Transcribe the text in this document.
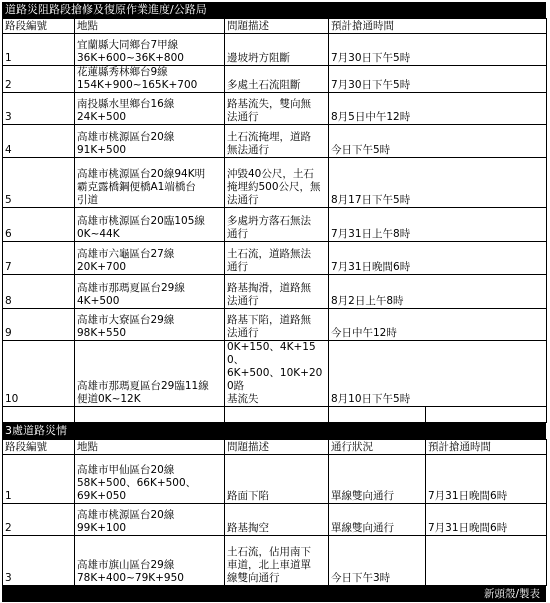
道路災阻路段搶修及復原作業進度/公路局
路段編號	地點	問題描述	預計搶通時間	
1	宜蘭縣大同鄉台7甲線
36K+600~36K+800	邊坡坍方阻斷	7月30日下午5時	
2	花蓮縣秀林鄉台9線
154K+900~165K+700	多處土石流阻斷	7月30日下午5時	
3	南投縣水里鄉台16線
24K+500	路基流失，雙向無
法通行	8月5日中午12時	
4	高雄市桃源區台20線
91K+500	土石流掩埋，道路
無法通行	今日下午5時	
5	高雄市桃源區台20線94K明
霸克露橋鋼便橋A1端橋台
引道	沖毀40公尺，土石
掩埋約500公尺，無
法通行	8月17日下午5時	
6	高雄市桃源區台20臨105線
0K~44K	多處坍方落石無法
通行	7月31日上午8時	
7	高雄市六龜區台27線
20K+700	土石流，道路無法
通行	7月31日晚間6時	
8	高雄市那瑪夏區台29線
4K+500	路基掏滑，道路無
法通行	8月2日上午8時	
9	高雄市大寮區台29線
98K+550	路基下陷，道路無
法通行	今日中午12時	
10	高雄市那瑪夏區台29臨11線
便道0K~12K	0K+150、4K+150、
6K+500、10K+200路
基流失	8月10日下午5時	

3處道路災情
路段編號	地點	問題描述	通行狀況	預計搶通時間
1	高雄市甲仙區台20線
58K+500、66K+500、
69K+050	路面下陷	單線雙向通行	7月31日晚間6時
2	高雄市桃源區台20線
99K+100	路基掏空	單線雙向通行	7月31日晚間6時
3	高雄市旗山區台29線
78K+400~79K+950	土石流，佔用南下
車道，北上車道單
線雙向通行	今日下午3時	
新頭殼/製表
